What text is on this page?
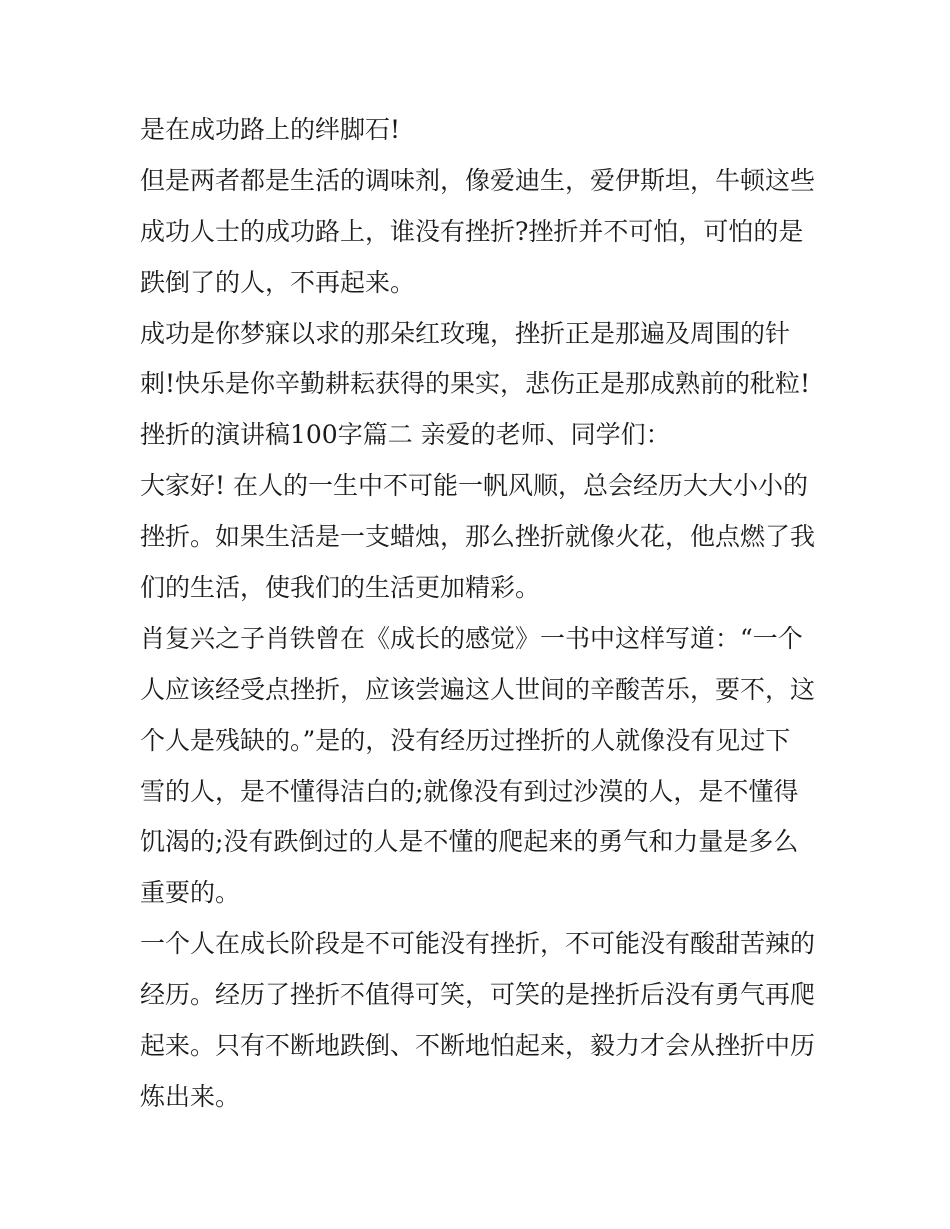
是在成功路上的绊脚石!

但是两者都是生活的调味剂，像爱迪生，爱伊斯坦，牛顿这些
成功人士的成功路上，谁没有挫折?挫折并不可怕，可怕的是
跌倒了的人，不再起来。

成功是你梦寐以求的那朵红玫瑰，挫折正是那遍及周围的针
刺!快乐是你辛勤耕耘获得的果实，悲伤正是那成熟前的秕粒!

挫折的演讲稿100字篇二 亲爱的老师、同学们：

大家好! 在人的一生中不可能一帆风顺，总会经历大大小小的
挫折。如果生活是一支蜡烛，那么挫折就像火花，他点燃了我
们的生活，使我们的生活更加精彩。

肖复兴之子肖铁曾在《成长的感觉》一书中这样写道：“一个
人应该经受点挫折，应该尝遍这人世间的辛酸苦乐，要不，这
个人是残缺的。”是的，没有经历过挫折的人就像没有见过下
雪的人，是不懂得洁白的;就像没有到过沙漠的人，是不懂得
饥渴的;没有跌倒过的人是不懂的爬起来的勇气和力量是多么
重要的。

一个人在成长阶段是不可能没有挫折，不可能没有酸甜苦辣的
经历。经历了挫折不值得可笑，可笑的是挫折后没有勇气再爬
起来。只有不断地跌倒、不断地怕起来，毅力才会从挫折中历
炼出来。
